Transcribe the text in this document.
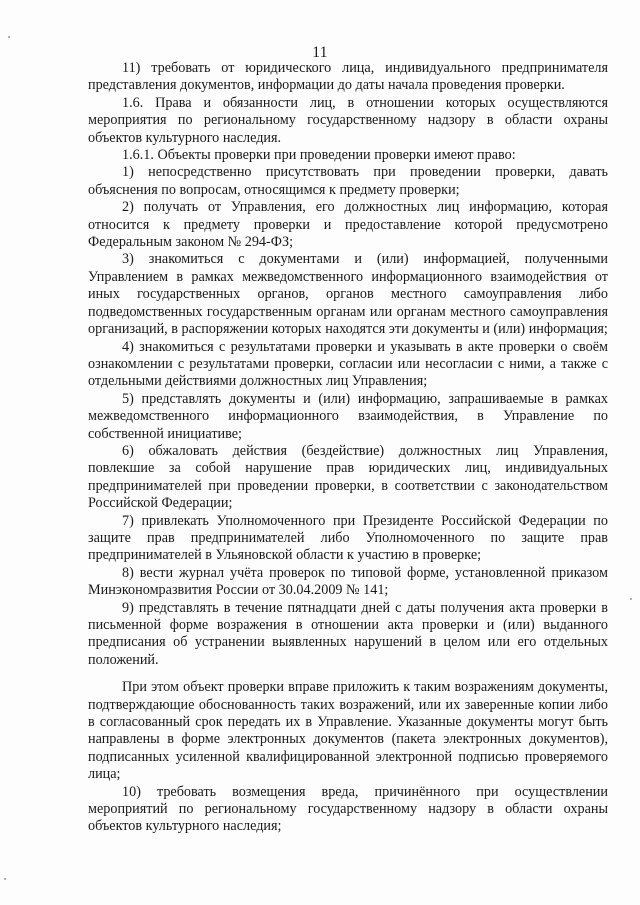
11

11) требовать от юридического лица, индивидуального предпринимателя представления документов, информации до даты начала проведения проверки.

1.6. Права и обязанности лиц, в отношении которых осуществляются мероприятия по региональному государственному надзору в области охраны объектов культурного наследия.

1.6.1. Объекты проверки при проведении проверки имеют право:

1) непосредственно присутствовать при проведении проверки, давать объяснения по вопросам, относящимся к предмету проверки;

2) получать от Управления, его должностных лиц информацию, которая относится к предмету проверки и предоставление которой предусмотрено Федеральным законом № 294-ФЗ;

3) знакомиться с документами и (или) информацией, полученными Управлением в рамках межведомственного информационного взаимодействия от иных государственных органов, органов местного самоуправления либо подведомственных государственным органам или органам местного самоуправления организаций, в распоряжении которых находятся эти документы и (или) информация;

4) знакомиться с результатами проверки и указывать в акте проверки о своём ознакомлении с результатами проверки, согласии или несогласии с ними, а также с отдельными действиями должностных лиц Управления;

5) представлять документы и (или) информацию, запрашиваемые в рамках межведомственного информационного взаимодействия, в Управление по собственной инициативе;

6) обжаловать действия (бездействие) должностных лиц Управления, повлекшие за собой нарушение прав юридических лиц, индивидуальных предпринимателей при проведении проверки, в соответствии с законодательством Российской Федерации;

7) привлекать Уполномоченного при Президенте Российской Федерации по защите прав предпринимателей либо Уполномоченного по защите прав предпринимателей в Ульяновской области к участию в проверке;

8) вести журнал учёта проверок по типовой форме, установленной приказом Минэкономразвития России от 30.04.2009 № 141;

9) представлять в течение пятнадцати дней с даты получения акта проверки в письменной форме возражения в отношении акта проверки и (или) выданного предписания об устранении выявленных нарушений в целом или его отдельных положений.

При этом объект проверки вправе приложить к таким возражениям документы, подтверждающие обоснованность таких возражений, или их заверенные копии либо в согласованный срок передать их в Управление. Указанные документы могут быть направлены в форме электронных документов (пакета электронных документов), подписанных усиленной квалифицированной электронной подписью проверяемого лица;

10) требовать возмещения вреда, причинённого при осуществлении мероприятий по региональному государственному надзору в области охраны объектов культурного наследия;
